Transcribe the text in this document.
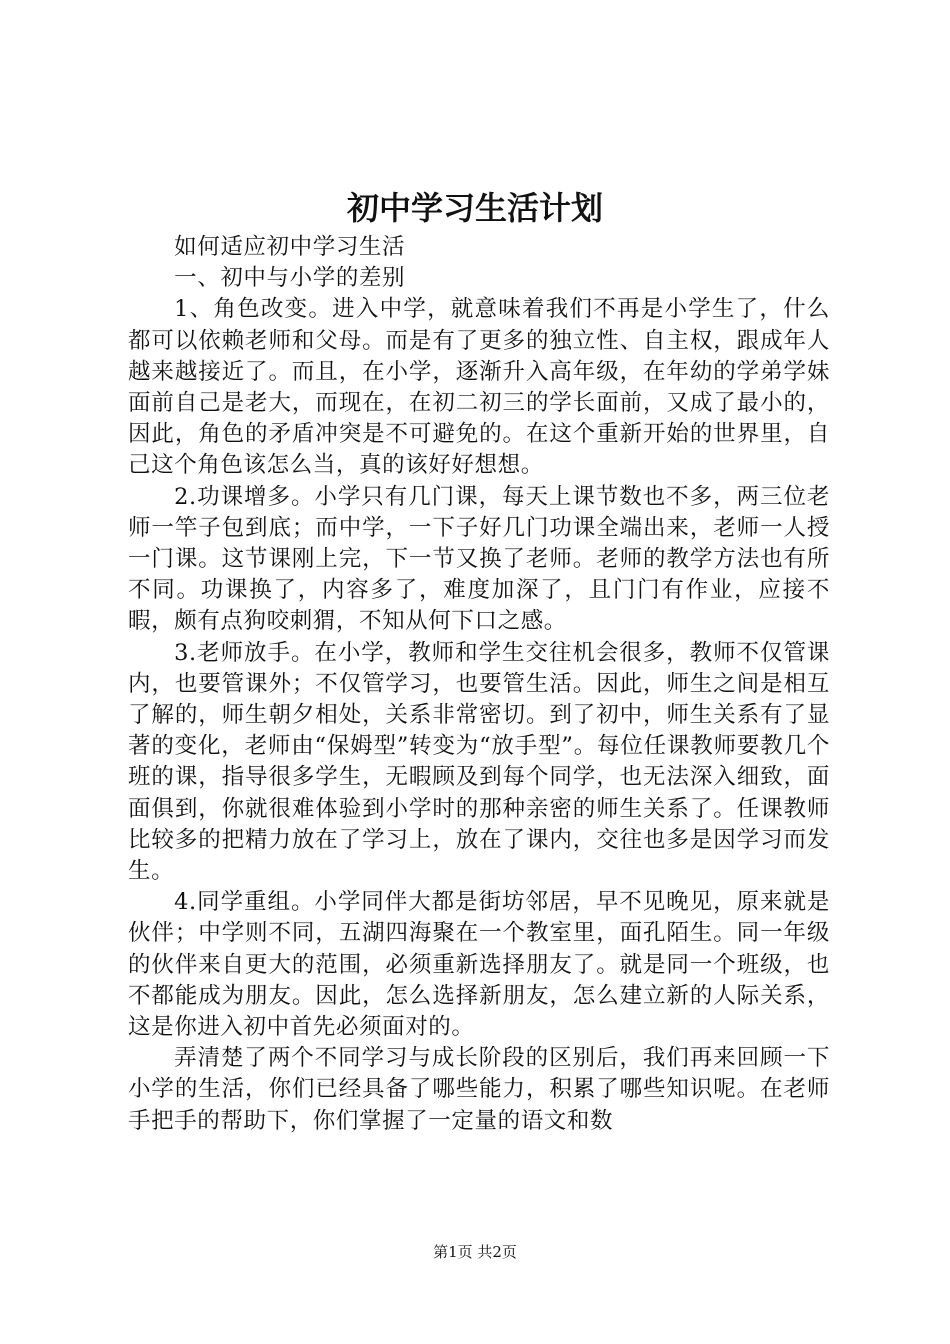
初中学习生活计划

如何适应初中学习生活

一、初中与小学的差别

1、角色改变。进入中学，就意味着我们不再是小学生了，什么都可以依赖老师和父母。而是有了更多的独立性、自主权，跟成年人越来越接近了。而且，在小学，逐渐升入高年级，在年幼的学弟学妹面前自己是老大，而现在，在初二初三的学长面前，又成了最小的，因此，角色的矛盾冲突是不可避免的。在这个重新开始的世界里，自己这个角色该怎么当，真的该好好想想。

2.功课增多。小学只有几门课，每天上课节数也不多，两三位老师一竿子包到底；而中学，一下子好几门功课全端出来，老师一人授一门课。这节课刚上完，下一节又换了老师。老师的教学方法也有所不同。功课换了，内容多了，难度加深了，且门门有作业，应接不暇，颇有点狗咬刺猬，不知从何下口之感。

3.老师放手。在小学，教师和学生交往机会很多，教师不仅管课内，也要管课外；不仅管学习，也要管生活。因此，师生之间是相互了解的，师生朝夕相处，关系非常密切。到了初中，师生关系有了显著的变化，老师由“保姆型”转变为“放手型”。每位任课教师要教几个班的课，指导很多学生，无暇顾及到每个同学，也无法深入细致，面面俱到，你就很难体验到小学时的那种亲密的师生关系了。任课教师比较多的把精力放在了学习上，放在了课内，交往也多是因学习而发生。

4.同学重组。小学同伴大都是街坊邻居，早不见晚见，原来就是伙伴；中学则不同，五湖四海聚在一个教室里，面孔陌生。同一年级的伙伴来自更大的范围，必须重新选择朋友了。就是同一个班级，也不都能成为朋友。因此，怎么选择新朋友，怎么建立新的人际关系，这是你进入初中首先必须面对的。

弄清楚了两个不同学习与成长阶段的区别后，我们再来回顾一下小学的生活，你们已经具备了哪些能力，积累了哪些知识呢。在老师手把手的帮助下，你们掌握了一定量的语文和数

第1页 共2页
